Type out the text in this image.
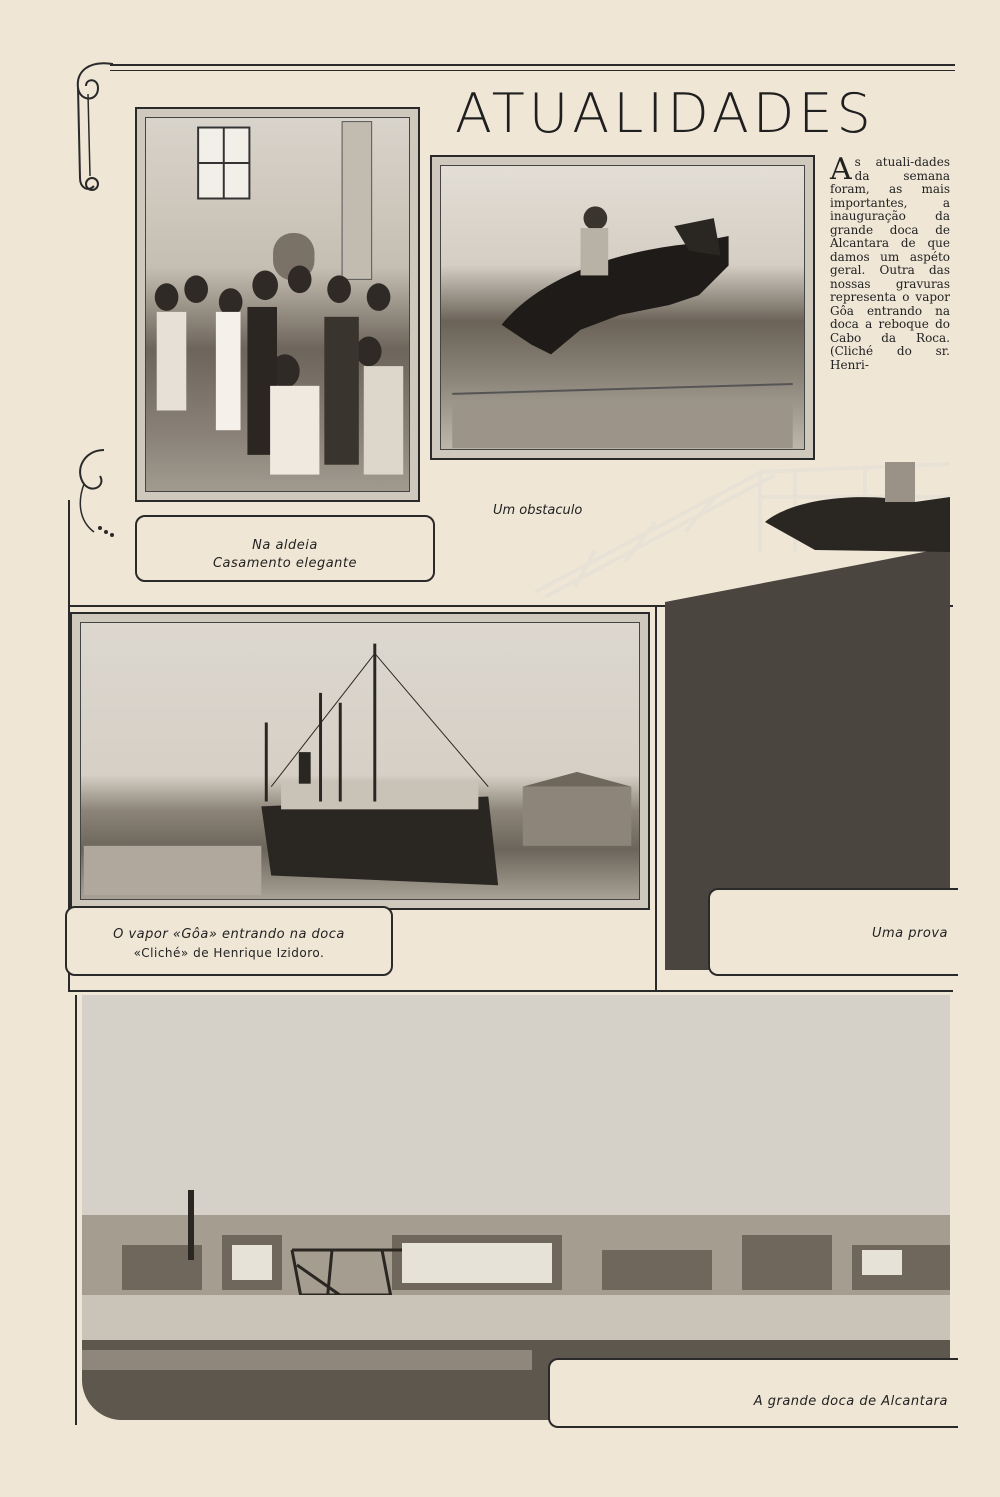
ATUALIDADES
As atuali-dades da semana foram, as mais importantes, a inauguração da grande doca de Alcantara de que damos um aspéto geral. Outra das nossas gravuras representa o vapor Gôa entrando na doca a reboque do Cabo da Roca. (Cliché do sr. Henri-
Na aldeia
Casamento elegante
Um obstaculo
Uma prova
O vapor «Gôa» entrando na doca
«Cliché» de Henrique Izidoro.
A grande doca de Alcantara
